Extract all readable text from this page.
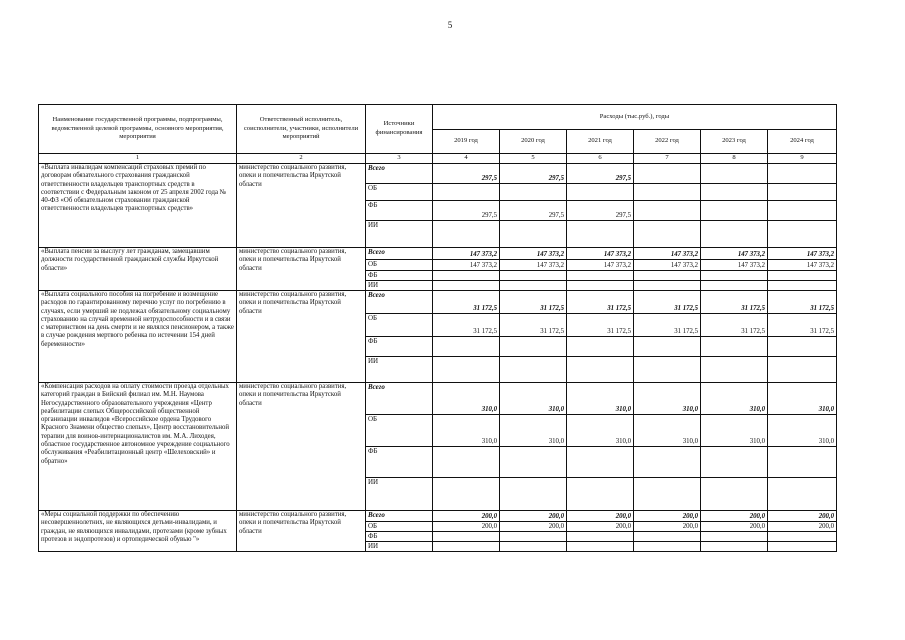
5
Наименование государственной программы, подпрограммы, ведомственной целевой программы, основного мероприятия, мероприятия	Ответственный исполнитель, соисполнители, участники, исполнители мероприятий	Источники финансирования	Расходы (тыс.руб.), годы					
			2019 год	2020 год	2021 год	2022 год	2023 год	2024 год
1	2	3	4	5	6	7	8	9
«Выплата инвалидам компенсаций страховых премий по договорам обязательного страхования гражданской ответственности владельцев транспортных средств в соответствии с Федеральным законом от 25 апреля 2002 года № 40-ФЗ «Об обязательном страховании гражданской ответственности владельцев транспортных средств»	министерство социального развития, опеки и попечительства Иркутской области	Всего	297,5	297,5	297,5			
		ОБ						
		ФБ	297,5	297,5	297,5			
		ИИ						
«Выплата пенсии за выслугу лет гражданам, замещавшим должности государственной гражданской службы Иркутской области»	министерство социального развития, опеки и попечительства Иркутской области	Всего	147 373,2	147 373,2	147 373,2	147 373,2	147 373,2	147 373,2
		ОБ	147 373,2	147 373,2	147 373,2	147 373,2	147 373,2	147 373,2
		ФБ						
		ИИ						
«Выплата социального пособия на погребение и возмещение расходов по гарантированному перечню услуг по погребению в случаях, если умерший не подлежал обязательному социальному страхованию на случай временной нетрудоспособности и в связи с материнством на день смерти и не являлся пенсионером, а также в случае рождения мертвого ребенка по истечении 154 дней беременности»	министерство социального развития, опеки и попечительства Иркутской области	Всего	31 172,5	31 172,5	31 172,5	31 172,5	31 172,5	31 172,5
		ОБ	31 172,5	31 172,5	31 172,5	31 172,5	31 172,5	31 172,5
		ФБ						
		ИИ						
«Компенсация расходов на оплату стоимости проезда отдельных категорий граждан в Бийский филиал им. М.Н. Наумова Негосударственного образовательного учреждения «Центр реабилитации слепых Общероссийской общественной организации инвалидов «Всероссийское ордена Трудового Красного Знамени общество слепых», Центр восстановительной терапии для воинов-интернационалистов им. М.А. Лиходея, областное государственное автономное учреждение социального обслуживания «Реабилитационный центр «Шелеховский» и обратно»	министерство социального развития, опеки и попечительства Иркутской области	Всего	310,0	310,0	310,0	310,0	310,0	310,0
		ОБ	310,0	310,0	310,0	310,0	310,0	310,0
		ФБ						
		ИИ						
«Меры социальной поддержки по обеспечению несовершеннолетних, не являющихся детьми-инвалидами, и граждан, не являющихся инвалидами, протезами (кроме зубных протезов и эндопротезов) и ортопедической обувью "»	министерство социального развития, опеки и попечительства Иркутской области	Всего	200,0	200,0	200,0	200,0	200,0	200,0
		ОБ	200,0	200,0	200,0	200,0	200,0	200,0
		ФБ						
		ИИ						
